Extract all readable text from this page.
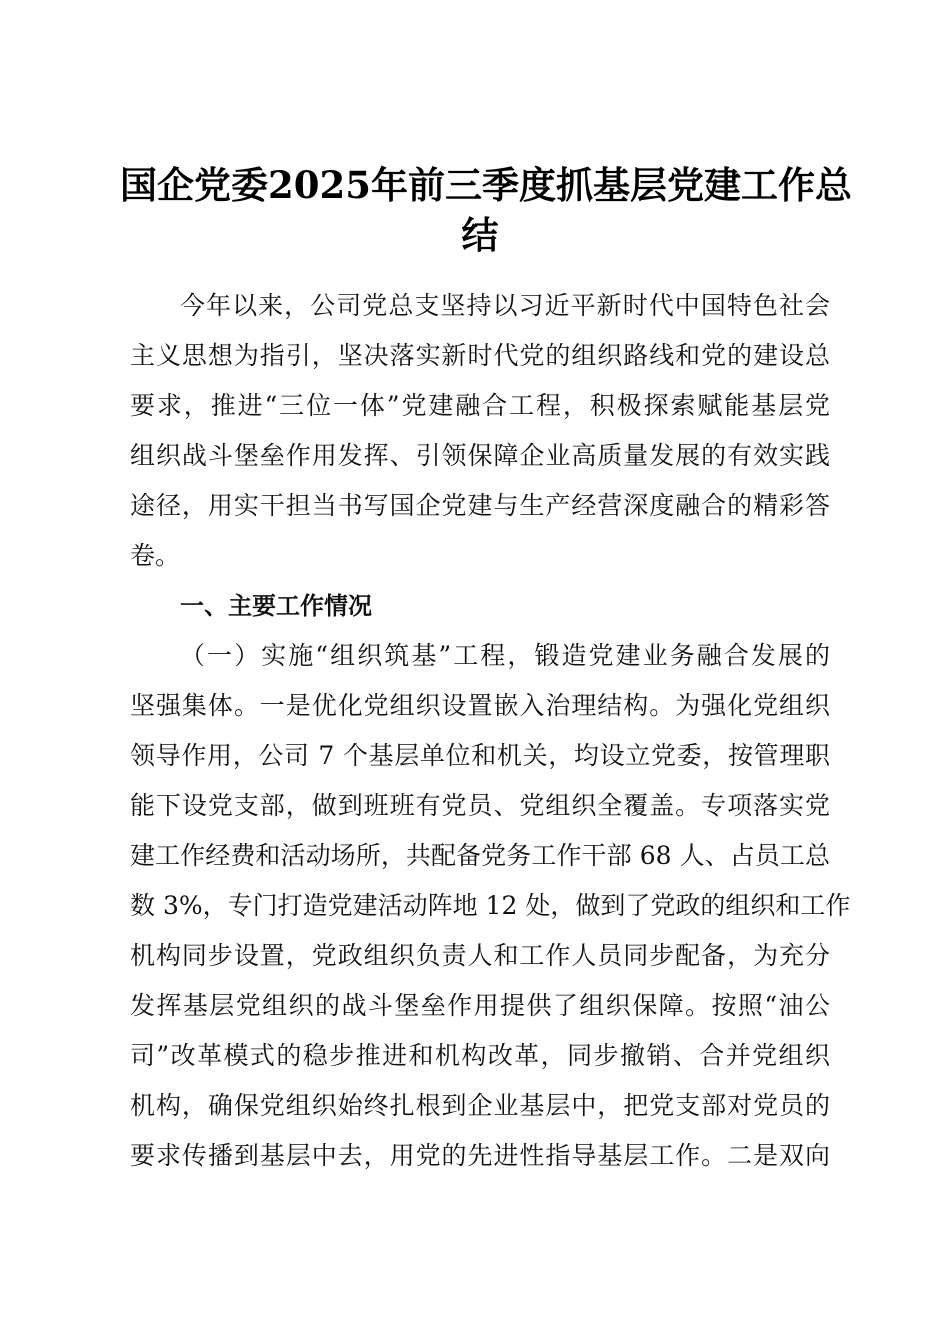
国企党委2025年前三季度抓基层党建工作总
结
今年以来，公司党总支坚持以习近平新时代中国特色社会
主义思想为指引，坚决落实新时代党的组织路线和党的建设总
要求，推进“三位一体”党建融合工程，积极探索赋能基层党
组织战斗堡垒作用发挥、引领保障企业高质量发展的有效实践
途径，用实干担当书写国企党建与生产经营深度融合的精彩答
卷。
一、主要工作情况
（一）实施“组织筑基”工程，锻造党建业务融合发展的
坚强集体。一是优化党组织设置嵌入治理结构。为强化党组织
领导作用，公司 7 个基层单位和机关，均设立党委，按管理职
能下设党支部，做到班班有党员、党组织全覆盖。专项落实党
建工作经费和活动场所，共配备党务工作干部 68 人、占员工总
数 3%，专门打造党建活动阵地 12 处，做到了党政的组织和工作
机构同步设置，党政组织负责人和工作人员同步配备，为充分
发挥基层党组织的战斗堡垒作用提供了组织保障。按照“油公
司”改革模式的稳步推进和机构改革，同步撤销、合并党组织
机构，确保党组织始终扎根到企业基层中，把党支部对党员的
要求传播到基层中去，用党的先进性指导基层工作。二是双向
